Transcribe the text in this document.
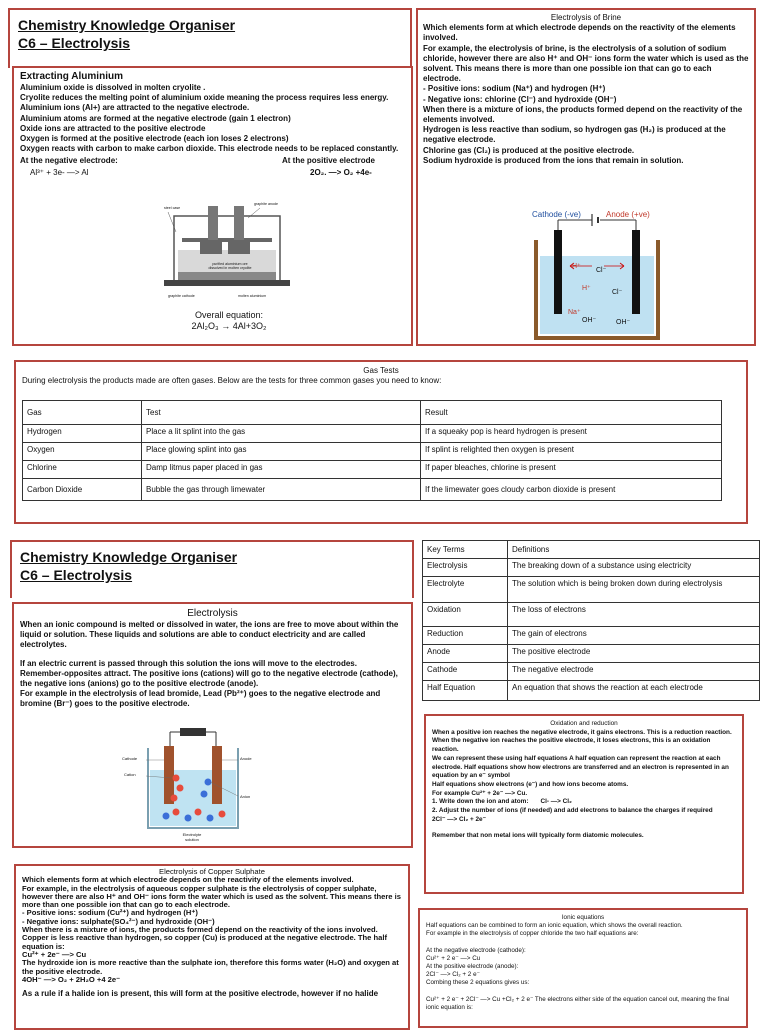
Chemistry Knowledge Organiser
C6 – Electrolysis
Extracting Aluminium

Aluminium oxide is dissolved in molten cryolite .

Cryolite reduces the melting point of aluminium oxide meaning the process requires less energy.

Aluminium ions (Al+) are attracted to the negative electrode.

Aluminium atoms are formed at the negative electrode (gain 1 electron)

Oxide ions are attracted to the positive electrode

Oxygen is formed at the positive electrode (each ion loses 2 electrons)

Oxygen reacts with carbon to make carbon dioxide. This electrode needs to be replaced constantly.

At the negative electrode:	At the positive electrode
Al³⁺ + 3e- —> Al	2O₂. —> O₂ +4e-
steel case
graphite anode
purified aluminium ore dissolved in molten cryolite
graphite cathode	molten aluminium
Overall equation:
2Al₂O₃ → 4Al+3O₂
Electrolysis of Brine

Which elements form at which electrode depends on the reactivity of the elements involved.

For example, the electrolysis of brine, is the electrolysis of a solution of sodium chloride, however there are also H⁺ and OH⁻ ions form the water which is used as the solvent. This means there is more than one possible ion that can go to each electrode.

- Positive ions: sodium (Na⁺) and hydrogen (H⁺)

- Negative ions: chlorine (Cl⁻) and hydroxide (OH⁻)

When there is a mixture of ions, the products formed depend on the reactivity of the elements involved.

Hydrogen is less reactive than sodium, so hydrogen gas (H₂) is produced at the negative electrode.

Chlorine gas (Cl₂) is produced at the positive electrode.

Sodium hydroxide is produced from the ions that remain in solution.

Cathode (-ve)	Anode (+ve)
H⁺
Cl⁻
H⁺
Cl⁻
Na⁺
OH⁻	OH⁻
Gas Tests
During electrolysis the products made are often gases. Below are the tests for three common gases you need to know:
Gas	Test	Result
Hydrogen	Place a lit splint into the gas	If a squeaky pop is heard hydrogen is present
Oxygen	Place glowing splint into gas	If splint is relighted then oxygen is present
Chlorine	Damp litmus paper placed in gas	If paper bleaches, chlorine is present
Carbon Dioxide	Bubble the gas through limewater	If the limewater goes cloudy carbon dioxide is present
Chemistry Knowledge Organiser
C6 – Electrolysis
Key Terms	Definitions
Electrolysis	The breaking down of a substance using electricity
Electrolyte	The solution which is being broken down during electrolysis
Oxidation	The loss of electrons
Reduction	The gain of electrons
Anode	The positive electrode
Cathode	The negative electrode
Half Equation	An equation that shows the reaction at each electrode
Electrolysis

When an ionic compound is melted or dissolved in water, the ions are free to move about within the liquid or solution. These liquids and solutions are able to conduct electricity and are called electrolytes.

If an electric current is passed through this solution the ions will move to the electrodes.

Remember-opposites attract. The positive ions (cations) will go to the negative electrode (cathode), the negative ions (anions) go to the positive electrode (anode).

For example in the electrolysis of lead bromide, Lead (Pb²⁺) goes to the negative electrode and bromine (Br⁻) goes to the positive electrode.

Cathode
Cation
Anode
Anion
Electrolyte solution
Oxidation and reduction

When a positive ion reaches the negative electrode, it gains electrons. This is a reduction reaction.

When the negative ion reaches the positive electrode, it loses electrons, this is an oxidation reaction.

We can represent these using half equations A half equation can represent the reaction at each electrode. Half equations show how electrons are transferred and an electron is represented in an equation by an e⁻ symbol

Half equations show electrons (e⁻) and how ions become atoms.

For example Cu²⁺ + 2e⁻ —> Cu.

1. Write down the ion and atom: Cl- —> Cl₂

2. Adjust the number of ions (if needed) and add electrons to balance the charges if required

2Cl⁻ —> Cl₂ + 2e⁻

Remember that non metal ions will typically form diatomic molecules.

Electrolysis of Copper Sulphate

Which elements form at which electrode depends on the reactivity of the elements involved.

For example, in the electrolysis of aqueous copper sulphate is the electrolysis of copper sulphate, however there are also H⁺ and OH⁻ ions form the water which is used as the solvent. This means there is more than one possible ion that can go to each electrode.

- Positive ions: sodium (Cu²⁺) and hydrogen (H⁺)

- Negative ions: sulphate(SO₄²⁻) and hydroxide (OH⁻)

When there is a mixture of ions, the products formed depend on the reactivity of the ions involved.

Copper is less reactive than hydrogen, so copper (Cu) is produced at the negative electrode. The half equation is:

Cu²⁺ + 2e⁻ —> Cu

The hydroxide ion is more reactive than the sulphate ion, therefore this forms water (H₂O) and oxygen at the positive electrode.

4OH⁻ —> O₂ + 2H₂O +4 2e⁻

As a rule if a halide ion is present, this will form at the positive electrode, however if no halide

Ionic equations

Half equations can be combined to form an ionic equation, which shows the overall reaction.

For example in the electrolysis of copper chloride the two half equations are:

At the negative electrode (cathode):

Cu²⁺ + 2 e⁻ —> Cu

At the positive electrode (anode):

2Cl⁻ —> Cl₂ + 2 e⁻

Combing these 2 equations gives us:

Cu²⁺ + 2 e⁻ + 2Cl⁻ —> Cu +Cl₂ + 2 e⁻ The electrons either side of the equation cancel out, meaning the final ionic equation is:
